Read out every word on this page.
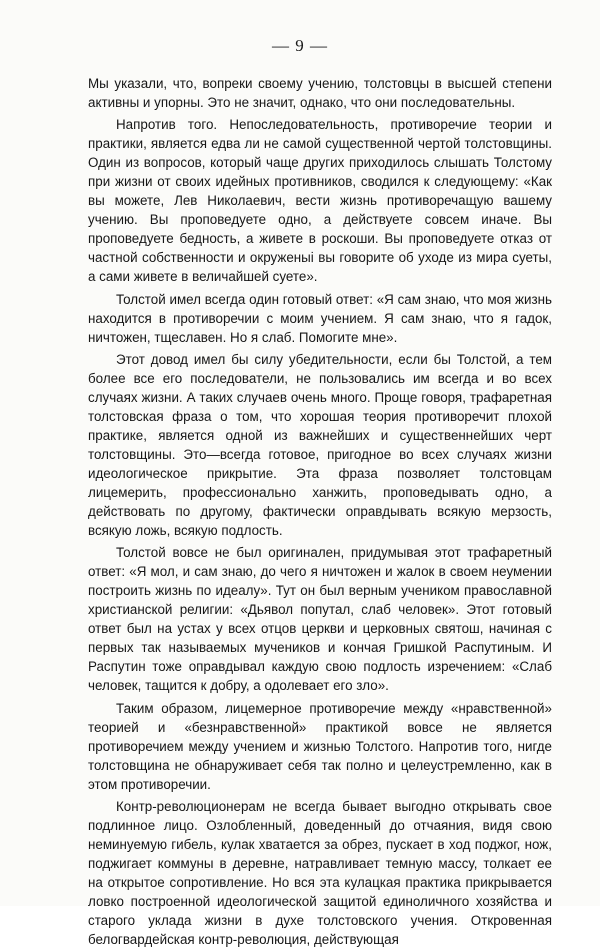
— 9 —

Мы указали, что, вопреки своему учению, толстовцы в высшей степени активны и упорны. Это не значит, однако, что они последовательны.

Напротив того. Непоследовательность, противоречие теории и практики, является едва ли не самой существенной чертой толстовщины. Один из вопросов, который чаще других приходилось слышать Толстому при жизни от своих идейных противников, сводился к следующему: «Как вы можете, Лев Николаевич, вести жизнь противоречащую вашему учению. Вы проповедуете одно, а действуете совсем иначе. Вы проповедуете бедность, а живете в роскоши. Вы проповедуете отказ от частной собственности и окруженыі вы говорите об уходе из мира суеты, а сами живете в величайшей суете».

Толстой имел всегда один готовый ответ: «Я сам знаю, что моя жизнь находится в противоречии с моим учением. Я сам знаю, что я гадок, ничтожен, тщеславен. Но я слаб. Помогите мне».

Этот довод имел бы силу убедительности, если бы Толстой, а тем более все его последователи, не пользовались им всегда и во всех случаях жизни. А таких случаев очень много. Проще говоря, трафаретная толстовская фраза о том, что хорошая теория противоречит плохой практике, является одной из важнейших и существеннейших черт толстовщины. Это—всегда готовое, пригодное во всех случаях жизни идеологическое прикрытие. Эта фраза позволяет толстовцам лицемерить, профессионально ханжить, проповедывать одно, а действовать по другому, фактически оправдывать всякую мерзость, всякую ложь, всякую подлость.

Толстой вовсе не был оригинален, придумывая этот трафаретный ответ: «Я мол, и сам знаю, до чего я ничтожен и жалок в своем неумении построить жизнь по идеалу». Тут он был верным учеником православной христианской религии: «Дьявол попутал, слаб человек». Этот готовый ответ был на устах у всех отцов церкви и церковных святош, начиная с первых так называемых мучеников и кончая Гришкой Распутиным. И Распутин тоже оправдывал каждую свою подлость изречением: «Слаб человек, тащится к добру, а одолевает его зло».

Таким образом, лицемерное противоречие между «нравственной» теорией и «безнравственной» практикой вовсе не является противоречием между учением и жизнью Толстого. Напротив того, нигде толстовщина не обнаруживает себя так полно и целеустремленно, как в этом противоречии.

Контр-революционерам не всегда бывает выгодно открывать свое подлинное лицо. Озлобленный, доведенный до отчаяния, видя свою неминуемую гибель, кулак хватается за обрез, пускает в ход поджог, нож, поджигает коммуны в деревне, натравливает темную массу, толкает ее на открытое сопротивление. Но вся эта кулацкая практика прикрывается ловко построенной идеологической защитой единоличного хозяйства и старого уклада жизни в духе толстовского учения. Откровенная белогвардейская контр-революция, действующая
